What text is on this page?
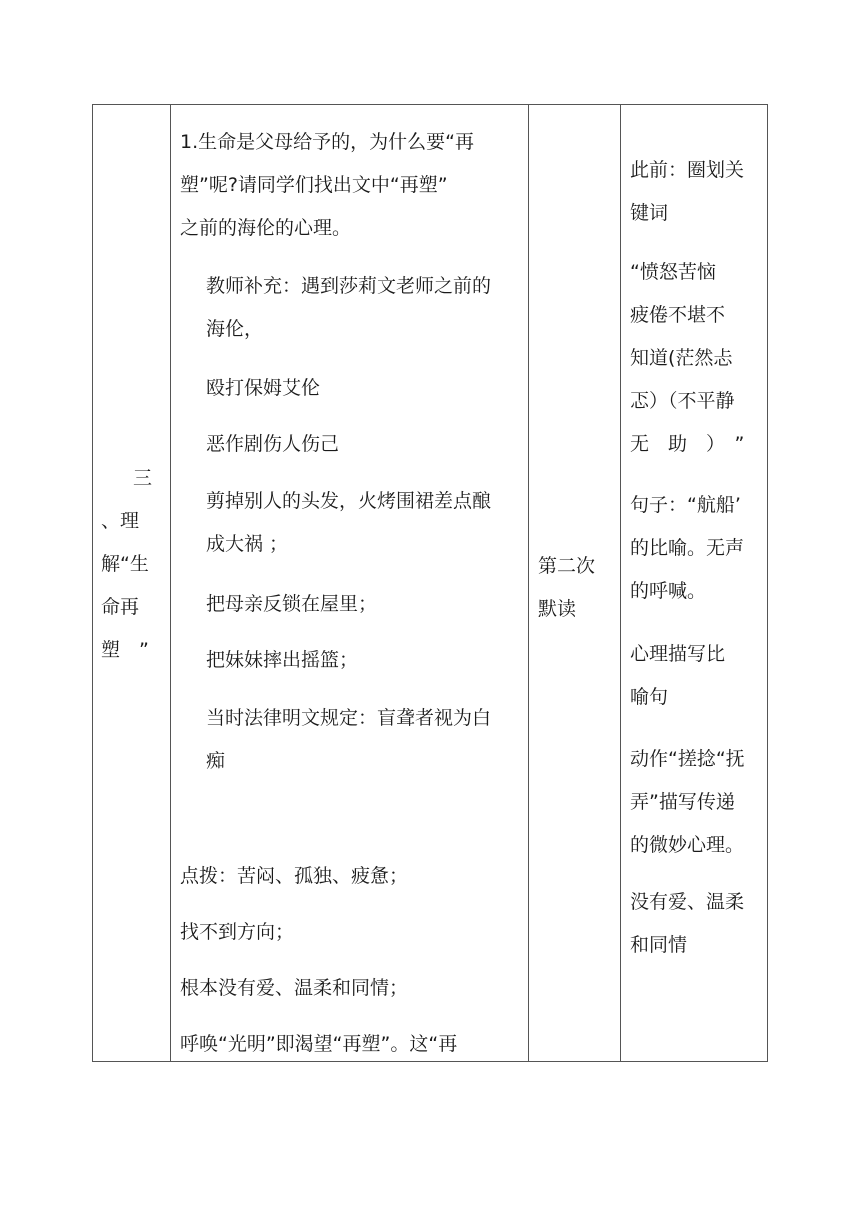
三
、理
解“生
命再
塑　”
1.生命是父母给予的，为什么要“再
塑”呢?请同学们找出文中“再塑”
之前的海伦的心理。
教师补充：遇到莎莉文老师之前的
海伦，
殴打保姆艾伦
恶作剧伤人伤己
剪掉别人的头发，火烤围裙差点酿
成大祸 ；
把母亲反锁在屋里；
把妹妹摔出摇篮；
当时法律明文规定：盲聋者视为白
痴
点拨：苦闷、孤独、疲惫；
找不到方向；
根本没有爱、温柔和同情；
呼唤“光明”即渴望“再塑”。这“再
第二次
默读
此前：圈划关
键词
“愤怒苦恼
疲倦不堪不
知道(茫然忐
忑）（不平静
无　助　）　”
句子：“航船’
的比喻。无声
的呼喊。
心理描写比
喻句
动作“搓捻“抚
弄”描写传递
的微妙心理。
没有爱、温柔
和同情
